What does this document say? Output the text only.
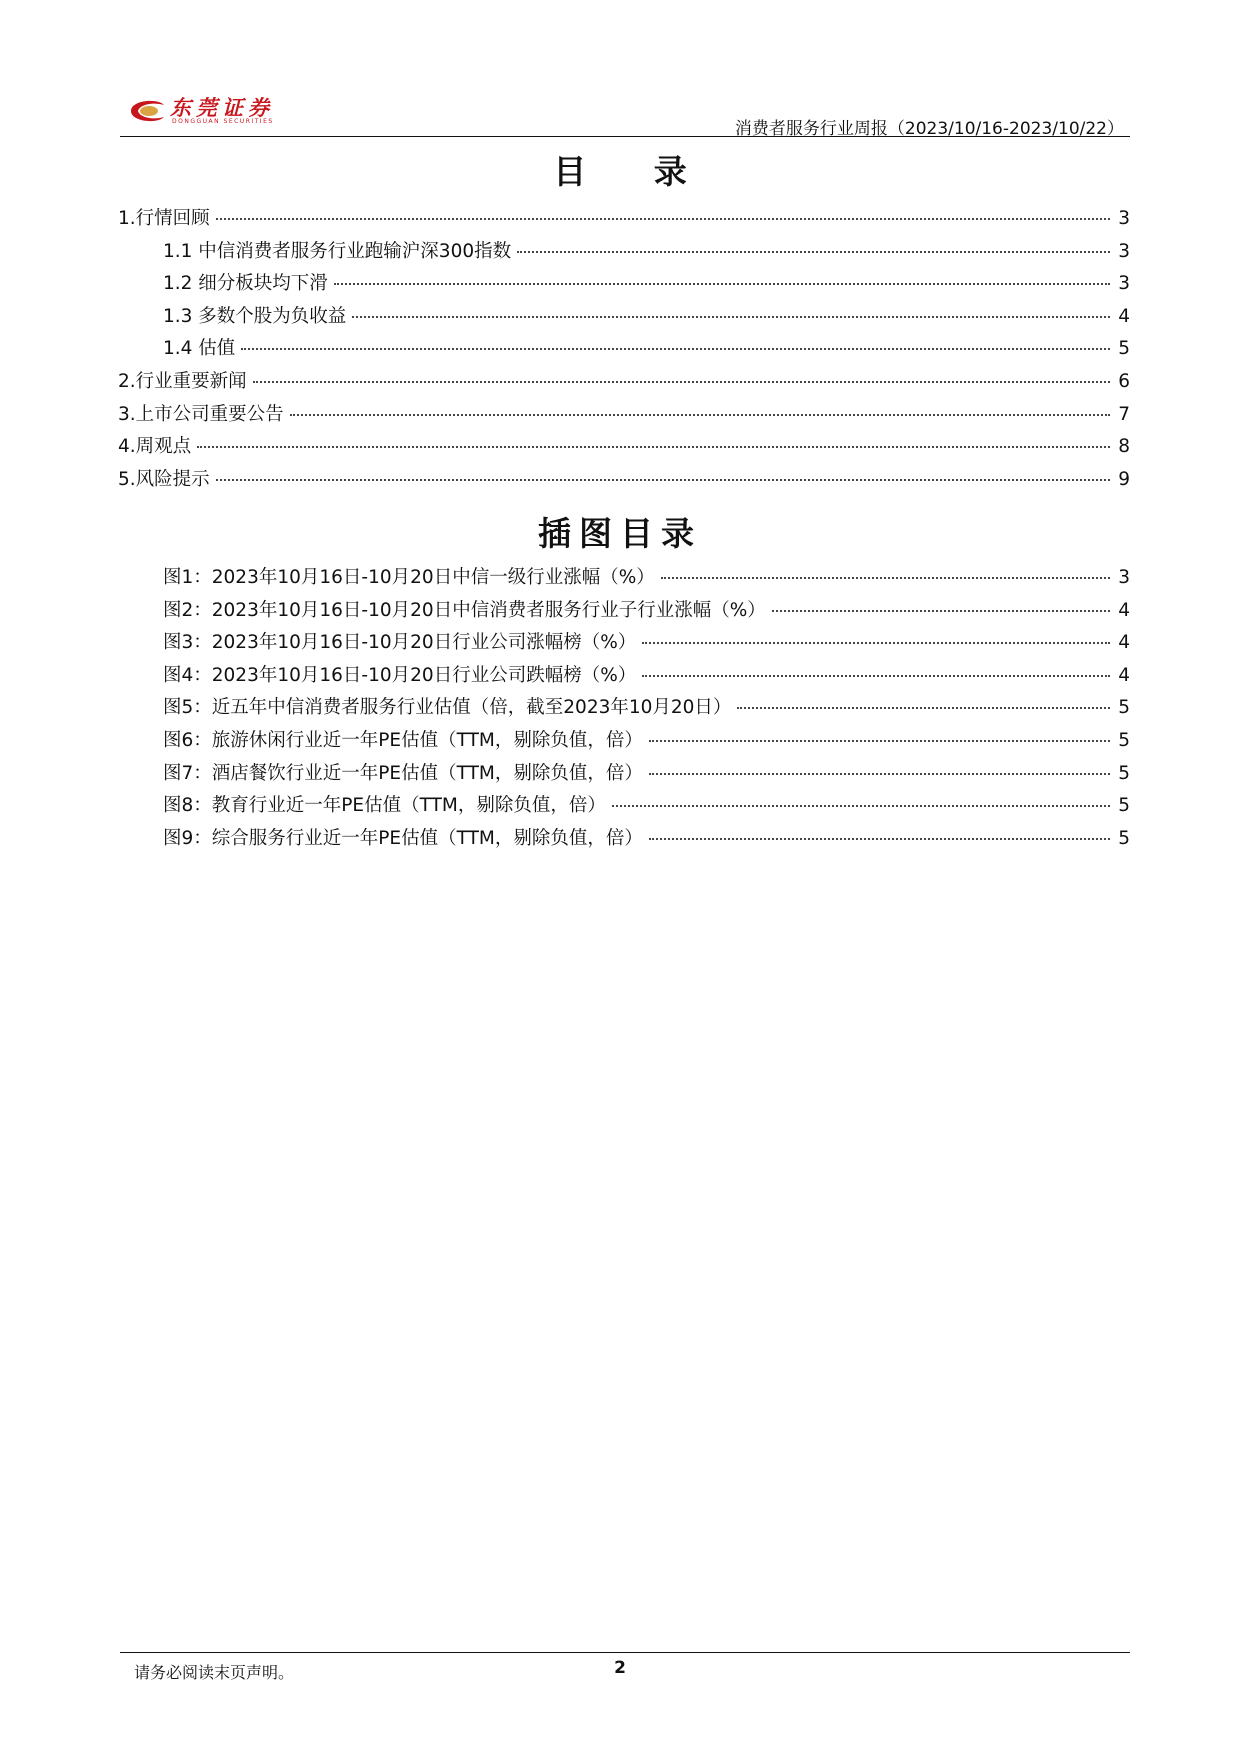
东莞证券
DONGGUAN SECURITIES	消费者服务行业周报（2023/10/16-2023/10/22）
目 录
1.行情回顾	3
1.1 中信消费者服务行业跑输沪深300指数	3
1.2 细分板块均下滑	3
1.3 多数个股为负收益	4
1.4 估值	5
2.行业重要新闻	6
3.上市公司重要公告	7
4.周观点	8
5.风险提示	9
插图目录
图1：2023年10月16日-10月20日中信一级行业涨幅（%）	3
图2：2023年10月16日-10月20日中信消费者服务行业子行业涨幅（%）	4
图3：2023年10月16日-10月20日行业公司涨幅榜（%）	4
图4：2023年10月16日-10月20日行业公司跌幅榜（%）	4
图5：近五年中信消费者服务行业估值（倍，截至2023年10月20日）	5
图6：旅游休闲行业近一年PE估值（TTM，剔除负值，倍）	5
图7：酒店餐饮行业近一年PE估值（TTM，剔除负值，倍）	5
图8：教育行业近一年PE估值（TTM，剔除负值，倍）	5
图9：综合服务行业近一年PE估值（TTM，剔除负值，倍）	5
请务必阅读末页声明。	2
